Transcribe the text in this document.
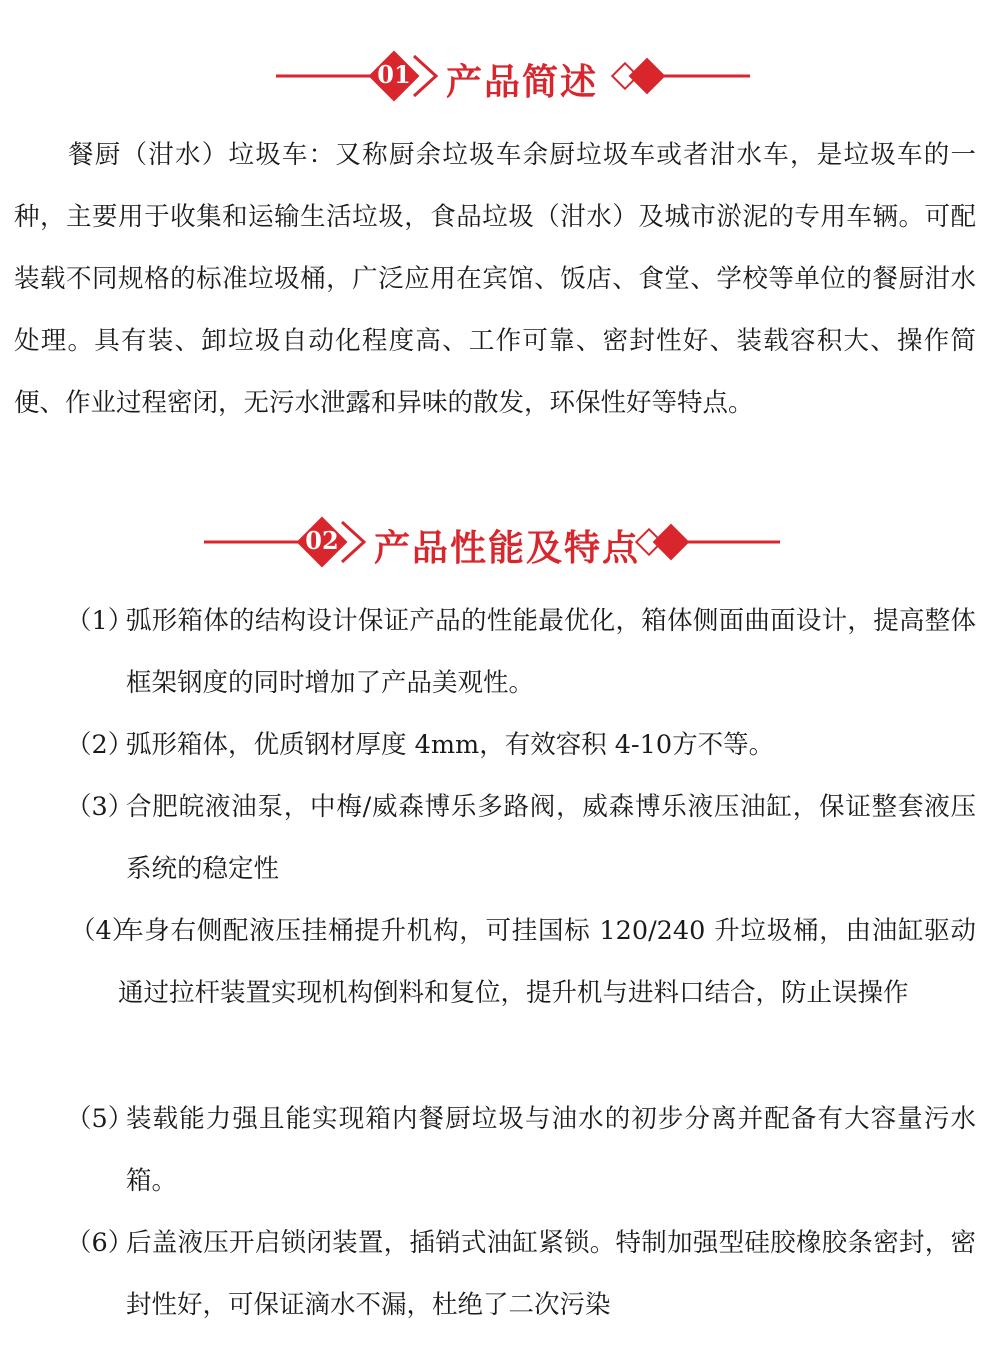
01 产品简述
餐厨（泔水）垃圾车：又称厨余垃圾车余厨垃圾车或者泔水车，是垃圾车的一种，主要用于收集和运输生活垃圾，食品垃圾（泔水）及城市淤泥的专用车辆。可配装载不同规格的标准垃圾桶，广泛应用在宾馆、饭店、食堂、学校等单位的餐厨泔水处理。具有装、卸垃圾自动化程度高、工作可靠、密封性好、装载容积大、操作简便、作业过程密闭，无污水泄露和异味的散发，环保性好等特点。
02 产品性能及特点
（1）
弧形箱体的结构设计保证产品的性能最优化，箱体侧面曲面设计，提高整体框架钢度的同时增加了产品美观性。
（2）
弧形箱体，优质钢材厚度 4mm，有效容积 4-10方不等。
（3）
合肥皖液油泵，中梅/威森博乐多路阀，威森博乐液压油缸，保证整套液压系统的稳定性
（4）
车身右侧配液压挂桶提升机构，可挂国标 120/240 升垃圾桶，由油缸驱动通过拉杆装置实现机构倒料和复位，提升机与进料口结合，防止误操作
（5）
装载能力强且能实现箱内餐厨垃圾与油水的初步分离并配备有大容量污水箱。
（6）
后盖液压开启锁闭装置，插销式油缸紧锁。特制加强型硅胶橡胶条密封，密封性好，可保证滴水不漏，杜绝了二次污染
